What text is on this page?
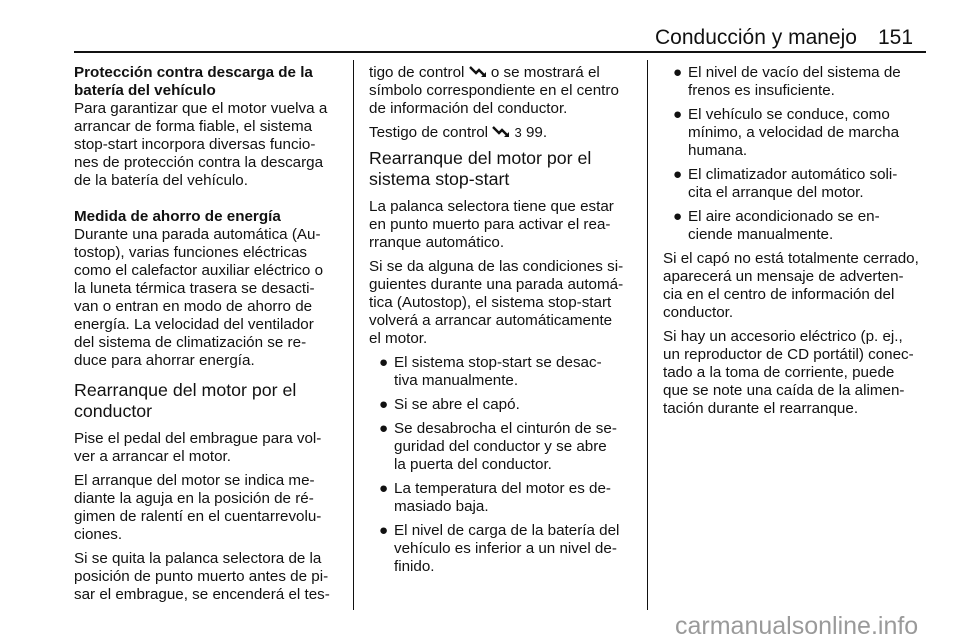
Conducción y manejo 151
Protección contra descarga de la
batería del vehículo

Para garantizar que el motor vuelva a
arrancar de forma fiable, el sistema
stop-start incorpora diversas funcio-
nes de protección contra la descarga
de la batería del vehículo.

Medida de ahorro de energía

Durante una parada automática (Au-
tostop), varias funciones eléctricas
como el calefactor auxiliar eléctrico o
la luneta térmica trasera se desacti-
van o entran en modo de ahorro de
energía. La velocidad del ventilador
del sistema de climatización se re-
duce para ahorrar energía.

Rearranque del motor por el
conductor

Pise el pedal del embrague para vol-
ver a arrancar el motor.

El arranque del motor se indica me-
diante la aguja en la posición de ré-
gimen de ralentí en el cuentarrevolu-
ciones.

Si se quita la palanca selectora de la
posición de punto muerto antes de pi-
sar el embrague, se encenderá el tes-

tigo de control o se mostrará el
símbolo correspondiente en el centro
de información del conductor.

Testigo de control 3 99.

Rearranque del motor por el
sistema stop-start

La palanca selectora tiene que estar
en punto muerto para activar el rea-
rranque automático.

Si se da alguna de las condiciones si-
guientes durante una parada automá-
tica (Autostop), el sistema stop-start
volverá a arrancar automáticamente
el motor.

● El sistema stop-start se desac-
tiva manualmente.
● Si se abre el capó.
● Se desabrocha el cinturón de se-
guridad del conductor y se abre
la puerta del conductor.
● La temperatura del motor es de-
masiado baja.
● El nivel de carga de la batería del
vehículo es inferior a un nivel de-
finido.
● El nivel de vacío del sistema de
frenos es insuficiente.
● El vehículo se conduce, como
mínimo, a velocidad de marcha
humana.
● El climatizador automático soli-
cita el arranque del motor.
● El aire acondicionado se en-
ciende manualmente.

Si el capó no está totalmente cerrado,
aparecerá un mensaje de adverten-
cia en el centro de información del
conductor.

Si hay un accesorio eléctrico (p. ej.,
un reproductor de CD portátil) conec-
tado a la toma de corriente, puede
que se note una caída de la alimen-
tación durante el rearranque.

carmanualsonline.info
